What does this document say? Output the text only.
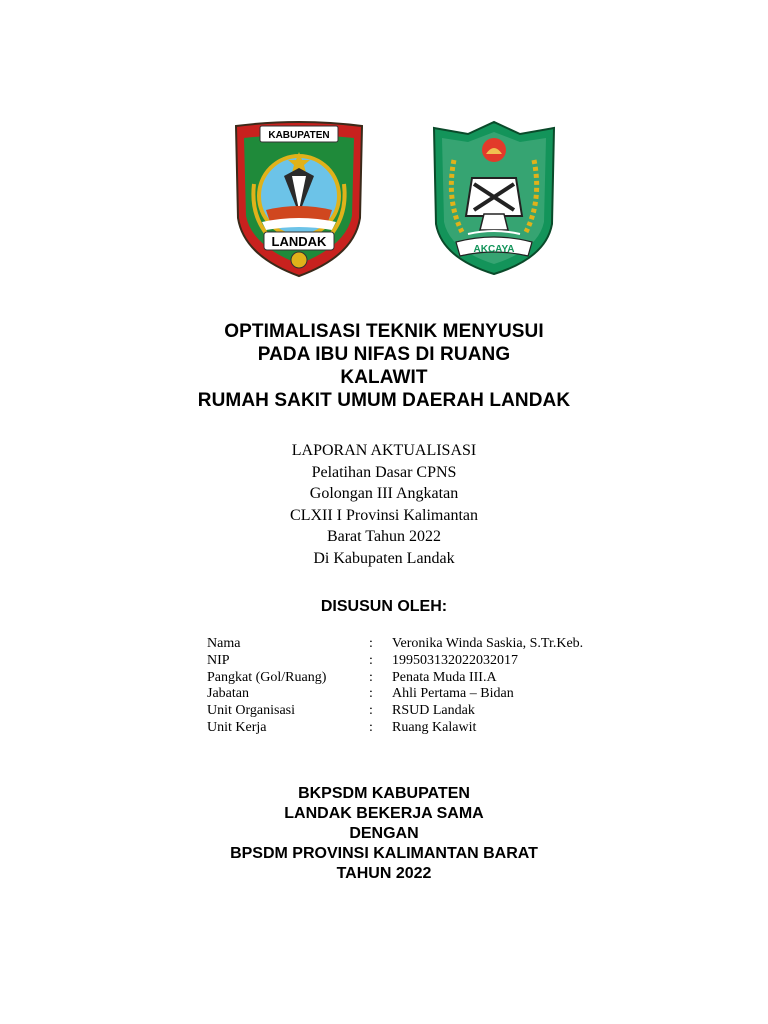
KABUPATEN
LANDAK
AKCAYA
OPTIMALISASI TEKNIK MENYUSUI
PADA IBU NIFAS DI RUANG
KALAWIT
RUMAH SAKIT UMUM DAERAH LANDAK
LAPORAN AKTUALISASI
Pelatihan Dasar CPNS
Golongan III Angkatan
CLXII I Provinsi Kalimantan
Barat Tahun 2022
Di Kabupaten Landak
DISUSUN OLEH:
Nama	:	Veronika Winda Saskia, S.Tr.Keb.
NIP	:	199503132022032017
Pangkat (Gol/Ruang)	:	Penata Muda III.A
Jabatan	:	Ahli Pertama – Bidan
Unit Organisasi	:	RSUD Landak
Unit Kerja	:	Ruang Kalawit
BKPSDM KABUPATEN
LANDAK BEKERJA SAMA
DENGAN
BPSDM PROVINSI KALIMANTAN BARAT
TAHUN 2022
